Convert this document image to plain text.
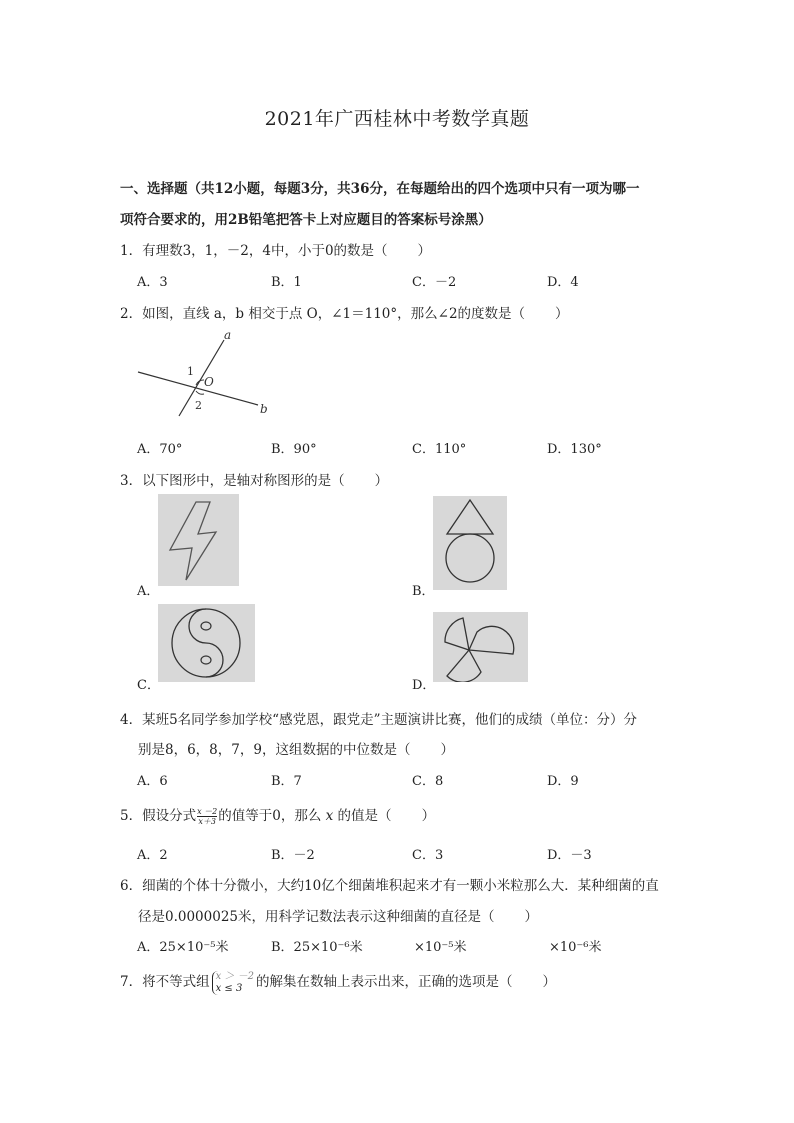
2021年广西桂林中考数学真题
一、选择题（共12小题，每题3分，共36分，在每题给出的四个选项中只有一项为哪一
项符合要求的，用2B铅笔把答卡上对应题目的答案标号涂黑）
1．有理数3，1，－2，4中，小于0的数是（ ）
A．3	B．1	C．－2	D．4
2．如图，直线 a，b 相交于点 O，∠1＝110°，那么∠2的度数是（ ）
a
b
O
1
2
A．70°	B．90°	C．110°	D．130°
3．以下图形中，是轴对称图形的是（ ）
A．	B．
C．	D．
4．某班5名同学参加学校“感党恩，跟党走”主题演讲比赛，他们的成绩（单位：分）分
别是8，6，8，7，9，这组数据的中位数是（ ）
A．6	B．7	C．8	D．9
5．假设分式 $\frac{x -2}{x+3}$ 的值等于0，那么 x 的值是（ ）
A．2	B．－2	C．3	D．－3
6．细菌的个体十分微小，大约10亿个细菌堆积起来才有一颗小米粒那么大．某种细菌的直
径是0.0000025米，用科学记数法表示这种细菌的直径是（ ）
A．25×10⁻⁵米	B．25×10⁻⁶米	×10⁻⁵米	×10⁻⁶米
7．将不等式组 x ＞ －2
x ≤ 3	的解集在数轴上表示出来，正确的选项是（ ）
